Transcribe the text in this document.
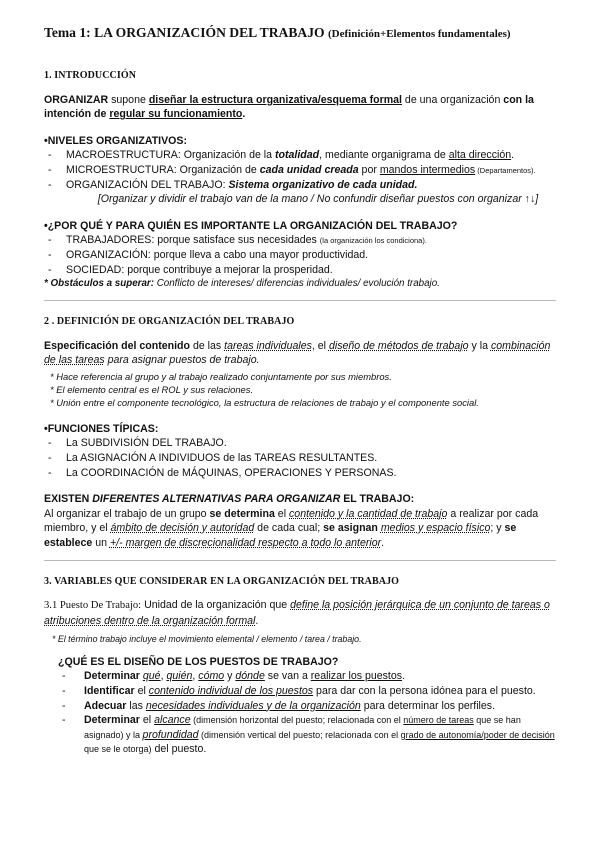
Tema 1: LA ORGANIZACIÓN DEL TRABAJO (Definición+Elementos fundamentales)
1. INTRODUCCIÓN

ORGANIZAR supone diseñar la estructura organizativa/esquema formal de una organización con la intención de regular su funcionamiento.

•NIVELES ORGANIZATIVOS:
- MACROESTRUCTURA: Organización de la totalidad, mediante organigrama de alta dirección.
- MICROESTRUCTURA: Organización de cada unidad creada por mandos intermedios (Departamentos).
- ORGANIZACIÓN DEL TRABAJO: Sistema organizativo de cada unidad.
[Organizar y dividir el trabajo van de la mano / No confundir diseñar puestos con organizar ↑↓]
•¿POR QUÉ Y PARA QUIÉN ES IMPORTANTE LA ORGANIZACIÓN DEL TRABAJO?
- TRABAJADORES: porque satisface sus necesidades (la organización los condiciona).
- ORGANIZACIÓN: porque lleva a cabo una mayor productividad.
- SOCIEDAD: porque contribuye a mejorar la prosperidad.

* Obstáculos a superar: Conflicto de intereses/ diferencias individuales/ evolución trabajo.

2 . DEFINICIÓN DE ORGANIZACIÓN DEL TRABAJO

Especificación del contenido de las tareas individuales, el diseño de métodos de trabajo y la combinación de las tareas para asignar puestos de trabajo.

* Hace referencia al grupo y al trabajo realizado conjuntamente por sus miembros.
* El elemento central es el ROL y sus relaciones.
* Unión entre el componente tecnológico, la estructura de relaciones de trabajo y el componente social.
•FUNCIONES TÍPICAS:
- La SUBDIVISIÓN DEL TRABAJO.
- La ASIGNACIÓN A INDIVIDUOS de las TAREAS RESULTANTES.
- La COORDINACIÓN de MÁQUINAS, OPERACIONES Y PERSONAS.
EXISTEN DIFERENTES ALTERNATIVAS PARA ORGANIZAR EL TRABAJO:

Al organizar el trabajo de un grupo se determina el contenido y la cantidad de trabajo a realizar por cada miembro, y el ámbito de decisión y autoridad de cada cual; se asignan medios y espacio físico; y se establece un +/- margen de discrecionalidad respecto a todo lo anterior.

3. VARIABLES QUE CONSIDERAR EN LA ORGANIZACIÓN DEL TRABAJO

3.1 Puesto De Trabajo: Unidad de la organización que define la posición jerárquica de un conjunto de tareas o atribuciones dentro de la organización formal.

* El término trabajo incluye el movimiento elemental / elemento / tarea / trabajo.
¿QUÉ ES EL DISEÑO DE LOS PUESTOS DE TRABAJO?
- Determinar qué, quién, cómo y dónde se van a realizar los puestos.
- Identificar el contenido individual de los puestos para dar con la persona idónea para el puesto.
- Adecuar las necesidades individuales y de la organización para determinar los perfiles.
- Determinar el alcance (dimensión horizontal del puesto; relacionada con el número de tareas que se han asignado) y la profundidad (dimensión vertical del puesto; relacionada con el grado de autonomía/poder de decisión que se le otorga) del puesto.
